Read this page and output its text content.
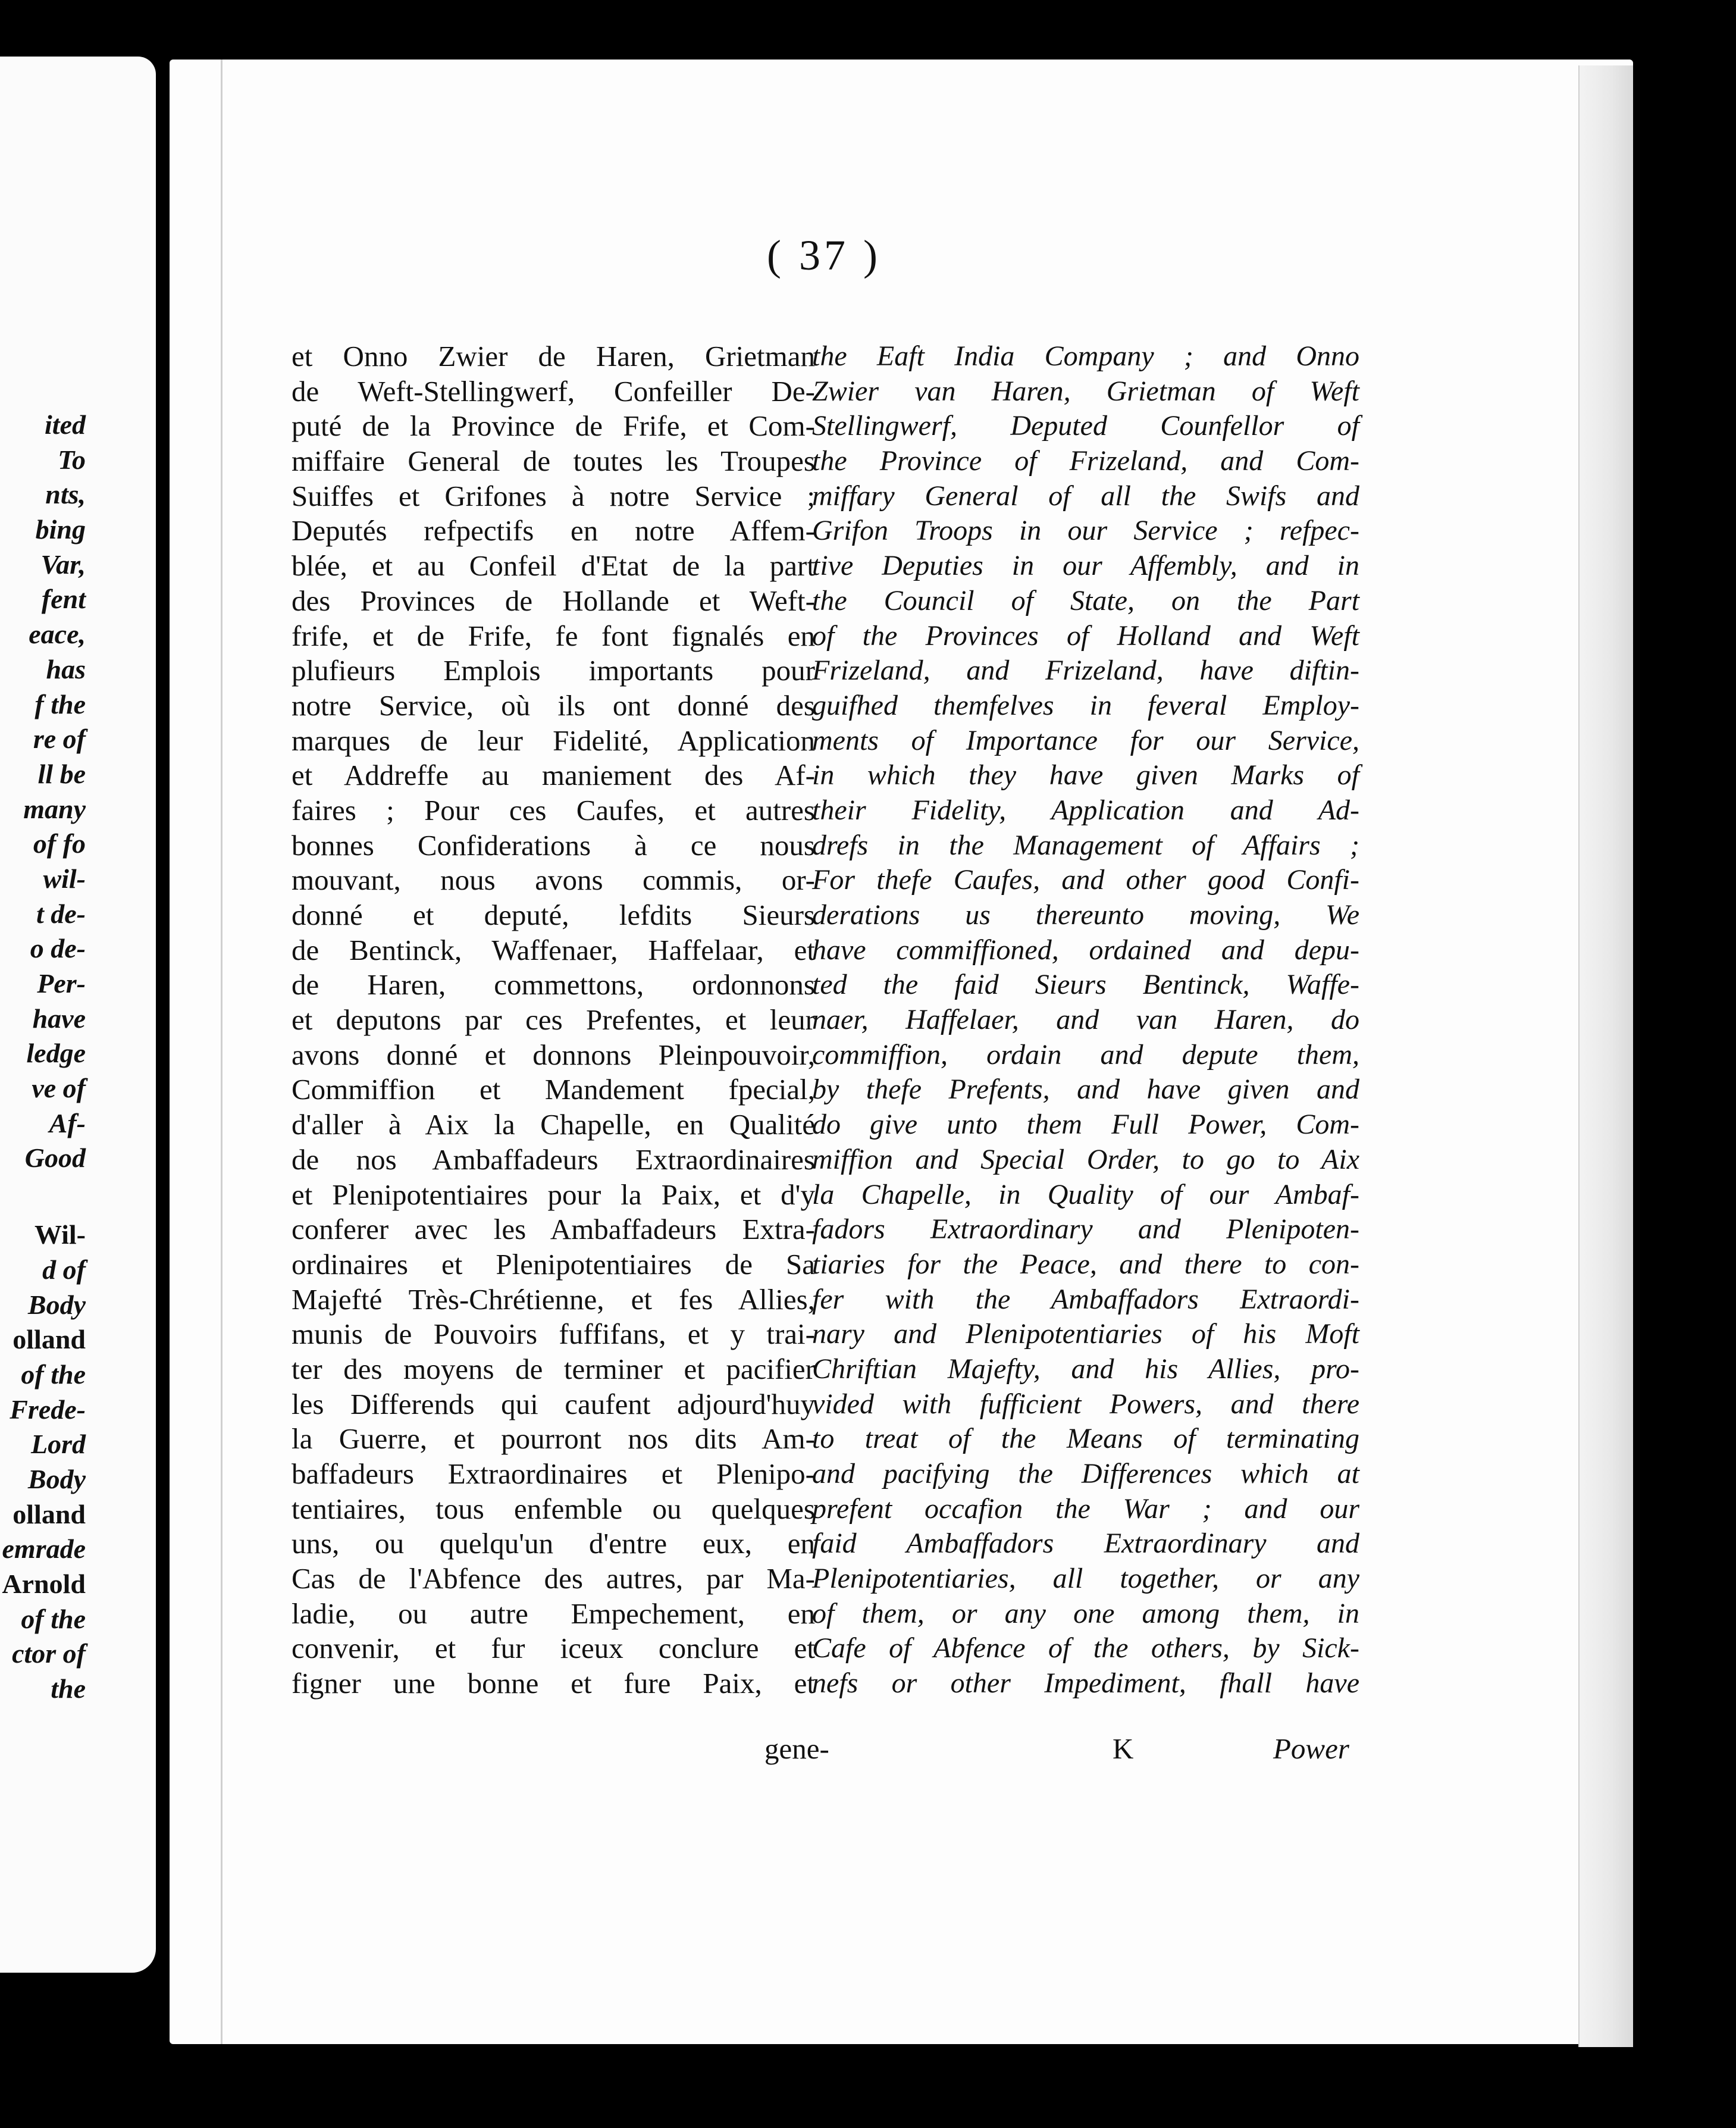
ited
To
nts,
bing
Var,
fent
eace,
has
f the
re of
ll be
many
of fo
wil-
t de-
o de-
Per-
have
ledge
ve of
Af-
Good
Wil-
d of
Body
olland
of the
Frede-
Lord
Body
olland
emrade
Arnold
of the
ctor of
the
( 37 )
et Onno Zwier de Haren, Grietman
de Weft-Stellingwerf, Confeiller De-
puté de la Province de Frife, et Com-
miffaire General de toutes les Troupes
Suiffes et Grifones à notre Service ;
Deputés refpectifs en notre Affem-
blée, et au Confeil d'Etat de la part
des Provinces de Hollande et Weft-
frife, et de Frife, fe font fignalés en
plufieurs Emplois importants pour
notre Service, où ils ont donné des
marques de leur Fidelité, Application
et Addreffe au maniement des Af-
faires ; Pour ces Caufes, et autres
bonnes Confiderations à ce nous
mouvant, nous avons commis, or-
donné et deputé, lefdits Sieurs
de Bentinck, Waffenaer, Haffelaar, et
de Haren, commettons, ordonnons
et deputons par ces Prefentes, et leur
avons donné et donnons Pleinpouvoir,
Commiffion et Mandement fpecial,
d'aller à Aix la Chapelle, en Qualité
de nos Ambaffadeurs Extraordinaires
et Plenipotentiaires pour la Paix, et d'y
conferer avec les Ambaffadeurs Extra-
ordinaires et Plenipotentiaires de Sa
Majefté Très-Chrétienne, et fes Allies,
munis de Pouvoirs fuffifans, et y trai-
ter des moyens de terminer et pacifier
les Differends qui caufent adjourd'huy
la Guerre, et pourront nos dits Am-
baffadeurs Extraordinaires et Plenipo-
tentiaires, tous enfemble ou quelques
uns, ou quelqu'un d'entre eux, en
Cas de l'Abfence des autres, par Ma-
ladie, ou autre Empechement, en
convenir, et fur iceux conclure et
figner une bonne et fure Paix, et
the Eaft India Company ; and Onno
Zwier van Haren, Grietman of Weft
Stellingwerf, Deputed Counfellor of
the Province of Frizeland, and Com-
miffary General of all the Swifs and
Grifon Troops in our Service ; refpec-
tive Deputies in our Affembly, and in
the Council of State, on the Part
of the Provinces of Holland and Weft
Frizeland, and Frizeland, have diftin-
guifhed themfelves in feveral Employ-
ments of Importance for our Service,
in which they have given Marks of
their Fidelity, Application and Ad-
drefs in the Management of Affairs ;
For thefe Caufes, and other good Confi-
derations us thereunto moving, We
have commiffioned, ordained and depu-
ted the faid Sieurs Bentinck, Waffe-
naer, Haffelaer, and van Haren, do
commiffion, ordain and depute them,
by thefe Prefents, and have given and
do give unto them Full Power, Com-
miffion and Special Order, to go to Aix
la Chapelle, in Quality of our Ambaf-
fadors Extraordinary and Plenipoten-
tiaries for the Peace, and there to con-
fer with the Ambaffadors Extraordi-
nary and Plenipotentiaries of his Moft
Chriftian Majefty, and his Allies, pro-
vided with fufficient Powers, and there
to treat of the Means of terminating
and pacifying the Differences which at
prefent occafion the War ; and our
faid Ambaffadors Extraordinary and
Plenipotentiaries, all together, or any
of them, or any one among them, in
Cafe of Abfence of the others, by Sick-
nefs or other Impediment, fhall have
gene-	K	Power
